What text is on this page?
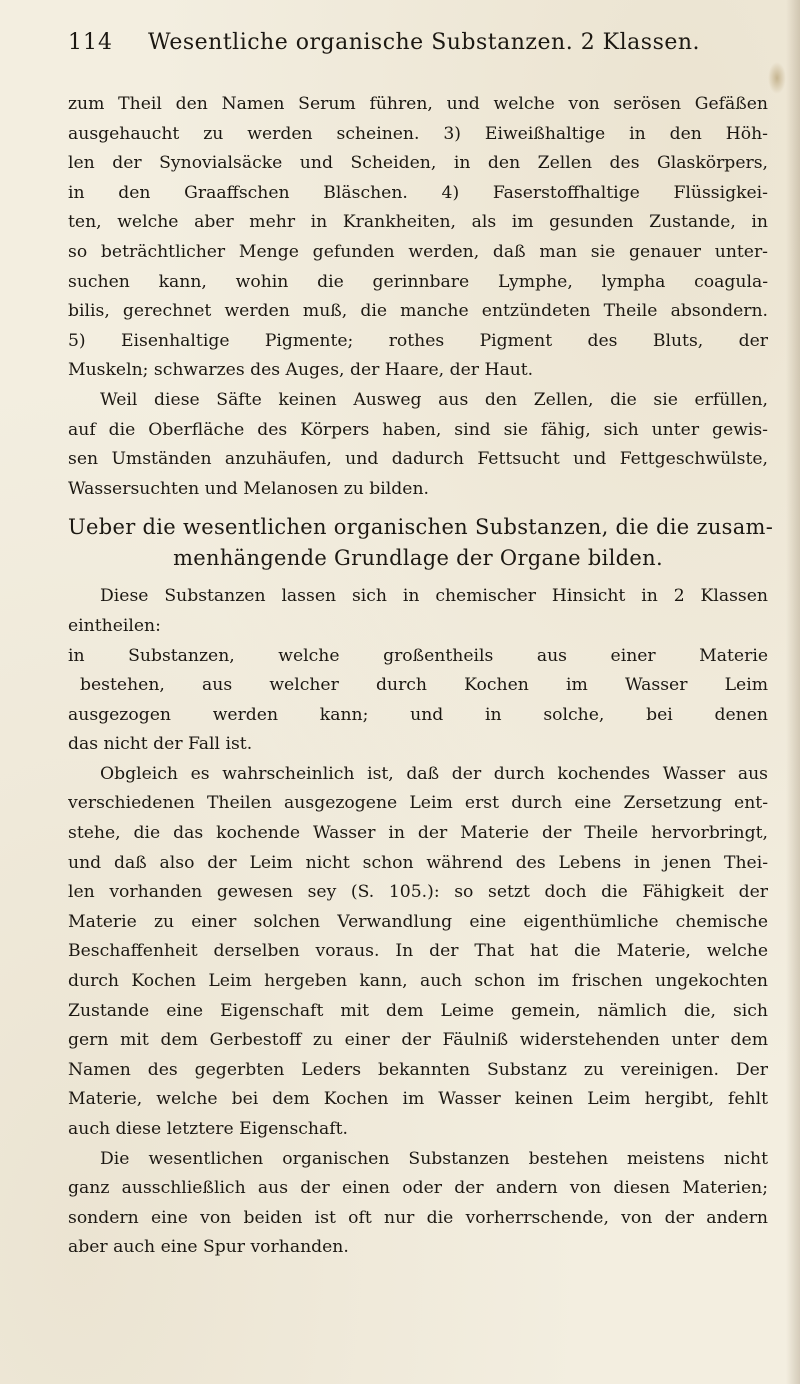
114 Wesentliche organische Substanzen. 2 Klassen.
zum Theil den Namen Serum führen, und welche von serösen Gefäßen
ausgehaucht zu werden scheinen. 3) Eiweißhaltige in den Höh-
len der Synovialsäcke und Scheiden, in den Zellen des Glaskörpers,
in den Graaffschen Bläschen. 4) Faserstoffhaltige Flüssigkei-
ten, welche aber mehr in Krankheiten, als im gesunden Zustande, in
so beträchtlicher Menge gefunden werden, daß man sie genauer unter-
suchen kann, wohin die gerinnbare Lymphe, lympha coagula-
bilis, gerechnet werden muß, die manche entzündeten Theile absondern.
5) Eisenhaltige Pigmente; rothes Pigment des Bluts, der
Muskeln; schwarzes des Auges, der Haare, der Haut.
Weil diese Säfte keinen Ausweg aus den Zellen, die sie erfüllen,
auf die Oberfläche des Körpers haben, sind sie fähig, sich unter gewis-
sen Umständen anzuhäufen, und dadurch Fettsucht und Fettgeschwülste,
Wassersuchten und Melanosen zu bilden.
Ueber die wesentlichen organischen Substanzen, die die zusam-
menhängende Grundlage der Organe bilden.
Diese Substanzen lassen sich in chemischer Hinsicht in 2 Klassen
eintheilen:
in Substanzen, welche großentheils aus einer Materie
bestehen, aus welcher durch Kochen im Wasser Leim
ausgezogen werden kann; und in solche, bei denen
das nicht der Fall ist.
Obgleich es wahrscheinlich ist, daß der durch kochendes Wasser aus
verschiedenen Theilen ausgezogene Leim erst durch eine Zersetzung ent-
stehe, die das kochende Wasser in der Materie der Theile hervorbringt,
und daß also der Leim nicht schon während des Lebens in jenen Thei-
len vorhanden gewesen sey (S. 105.): so setzt doch die Fähigkeit der
Materie zu einer solchen Verwandlung eine eigenthümliche chemische
Beschaffenheit derselben voraus. In der That hat die Materie, welche
durch Kochen Leim hergeben kann, auch schon im frischen ungekochten
Zustande eine Eigenschaft mit dem Leime gemein, nämlich die, sich
gern mit dem Gerbestoff zu einer der Fäulniß widerstehenden unter dem
Namen des gegerbten Leders bekannten Substanz zu vereinigen. Der
Materie, welche bei dem Kochen im Wasser keinen Leim hergibt, fehlt
auch diese letztere Eigenschaft.
Die wesentlichen organischen Substanzen bestehen meistens nicht
ganz ausschließlich aus der einen oder der andern von diesen Materien;
sondern eine von beiden ist oft nur die vorherrschende, von der andern
aber auch eine Spur vorhanden.
